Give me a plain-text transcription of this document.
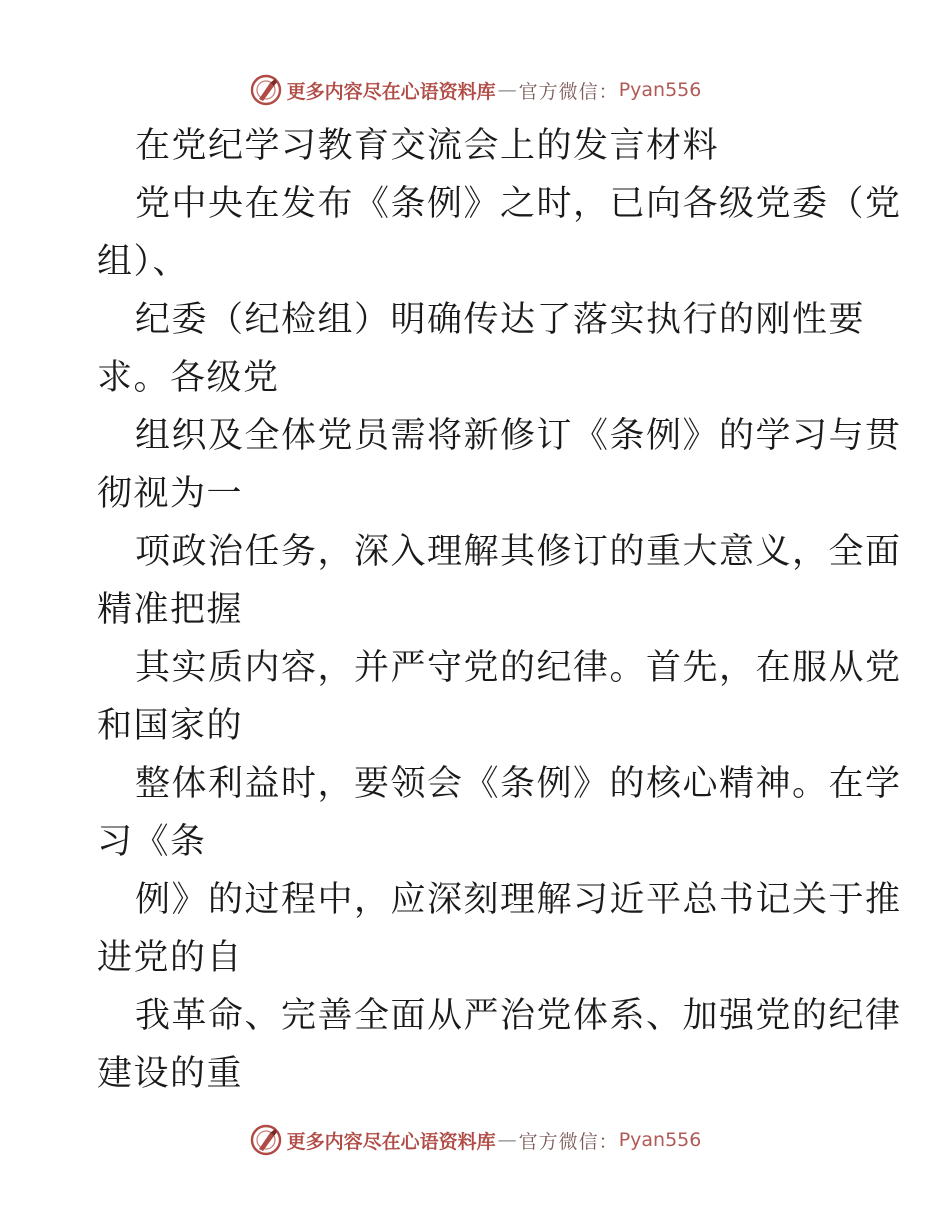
更多内容尽在心语资料库 — 官方微信： Pyan556
在党纪学习教育交流会上的发言材料
党中央在发布《条例》之时，已向各级党委（党
组）、
纪委（纪检组）明确传达了落实执行的刚性要
求。各级党
组织及全体党员需将新修订《条例》的学习与贯
彻视为一
项政治任务，深入理解其修订的重大意义，全面
精准把握
其实质内容，并严守党的纪律。首先，在服从党
和国家的
整体利益时，要领会《条例》的核心精神。在学
习《条
例》的过程中，应深刻理解习近平总书记关于推
进党的自
我革命、完善全面从严治党体系、加强党的纪律
建设的重
更多内容尽在心语资料库 — 官方微信： Pyan556
